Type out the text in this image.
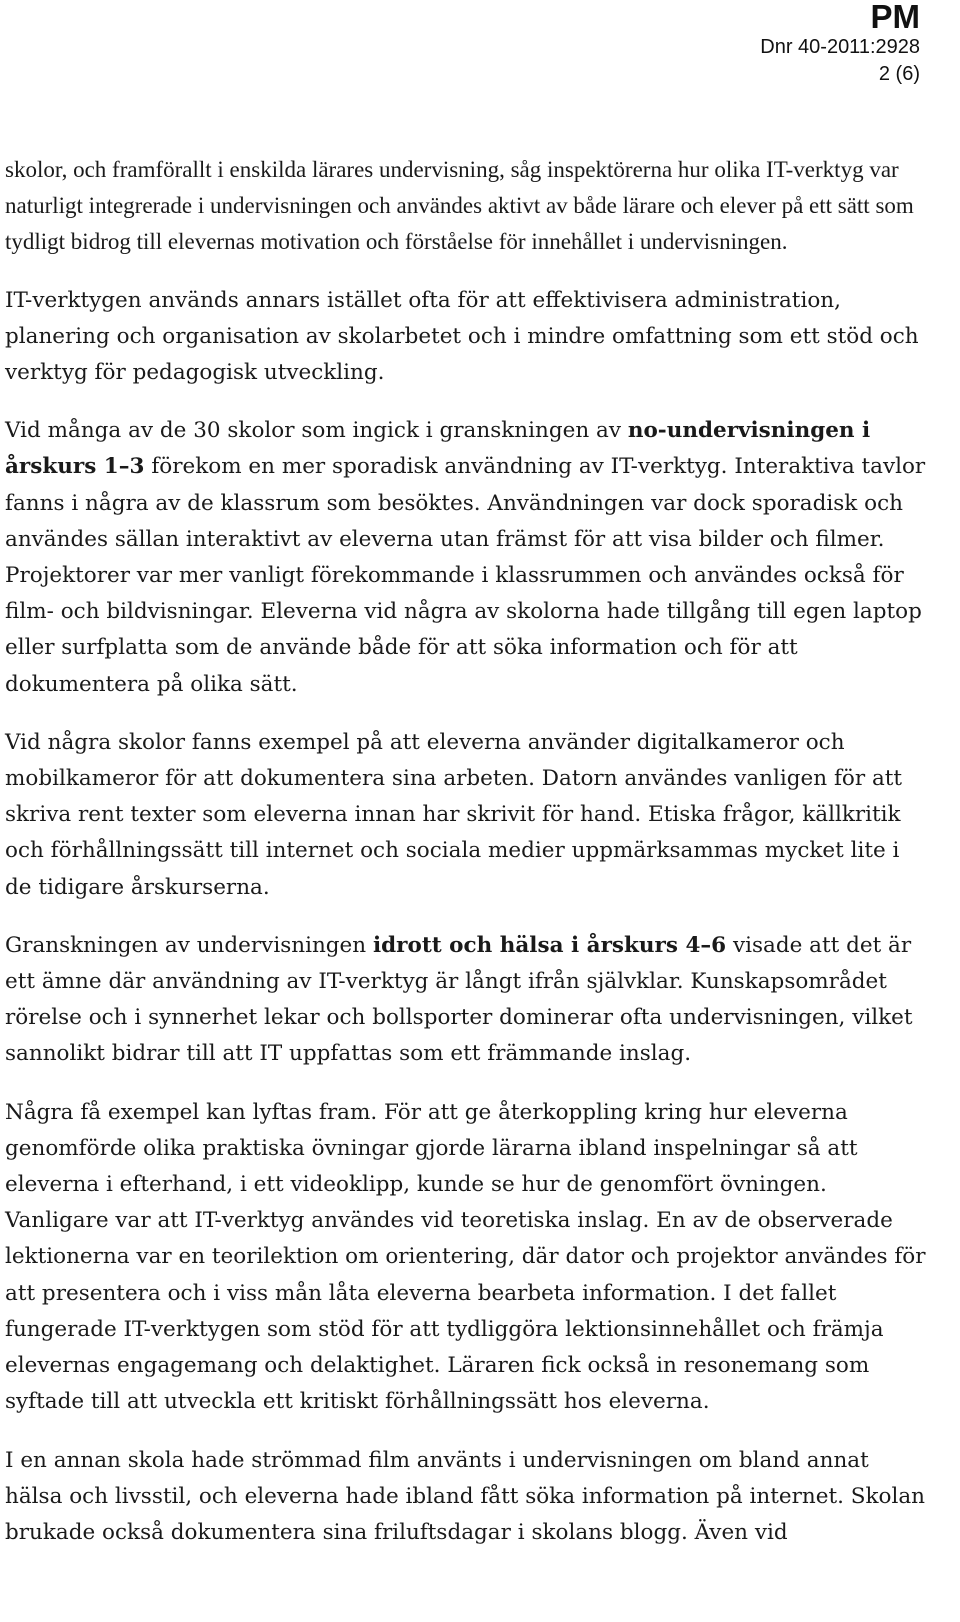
PM
Dnr 40-2011:2928
2 (6)

skolor, och framförallt i enskilda lärares undervisning, såg inspektörerna hur olika IT-verktyg var naturligt integrerade i undervisningen och användes aktivt av både lärare och elever på ett sätt som tydligt bidrog till elevernas motivation och förståelse för innehållet i undervisningen.

IT-verktygen används annars istället ofta för att effektivisera administration, planering och organisation av skolarbetet och i mindre omfattning som ett stöd och verktyg för pedagogisk utveckling.

Vid många av de 30 skolor som ingick i granskningen av no-undervisningen i årskurs 1–3 förekom en mer sporadisk användning av IT-verktyg. Interaktiva tavlor fanns i några av de klassrum som besöktes. Användningen var dock sporadisk och användes sällan interaktivt av eleverna utan främst för att visa bilder och filmer. Projektorer var mer vanligt förekommande i klassrummen och användes också för film- och bildvisningar. Eleverna vid några av skolorna hade tillgång till egen laptop eller surfplatta som de använde både för att söka information och för att dokumentera på olika sätt.

Vid några skolor fanns exempel på att eleverna använder digitalkameror och mobilkameror för att dokumentera sina arbeten. Datorn användes vanligen för att skriva rent texter som eleverna innan har skrivit för hand. Etiska frågor, källkritik och förhållningssätt till internet och sociala medier uppmärksammas mycket lite i de tidigare årskurserna.

Granskningen av undervisningen idrott och hälsa i årskurs 4–6 visade att det är ett ämne där användning av IT-verktyg är långt ifrån självklar. Kunskapsområdet rörelse och i synnerhet lekar och bollsporter dominerar ofta undervisningen, vilket sannolikt bidrar till att IT uppfattas som ett främmande inslag.

Några få exempel kan lyftas fram. För att ge återkoppling kring hur eleverna genomförde olika praktiska övningar gjorde lärarna ibland inspelningar så att eleverna i efterhand, i ett videoklipp, kunde se hur de genomfört övningen. Vanligare var att IT-verktyg användes vid teoretiska inslag. En av de observerade lektionerna var en teorilektion om orientering, där dator och projektor användes för att presentera och i viss mån låta eleverna bearbeta information. I det fallet fungerade IT-verktygen som stöd för att tydliggöra lektionsinnehållet och främja elevernas engagemang och delaktighet. Läraren fick också in resonemang som syftade till att utveckla ett kritiskt förhållningssätt hos eleverna.

I en annan skola hade strömmad film använts i undervisningen om bland annat hälsa och livsstil, och eleverna hade ibland fått söka information på internet. Skolan brukade också dokumentera sina friluftsdagar i skolans blogg. Även vid
